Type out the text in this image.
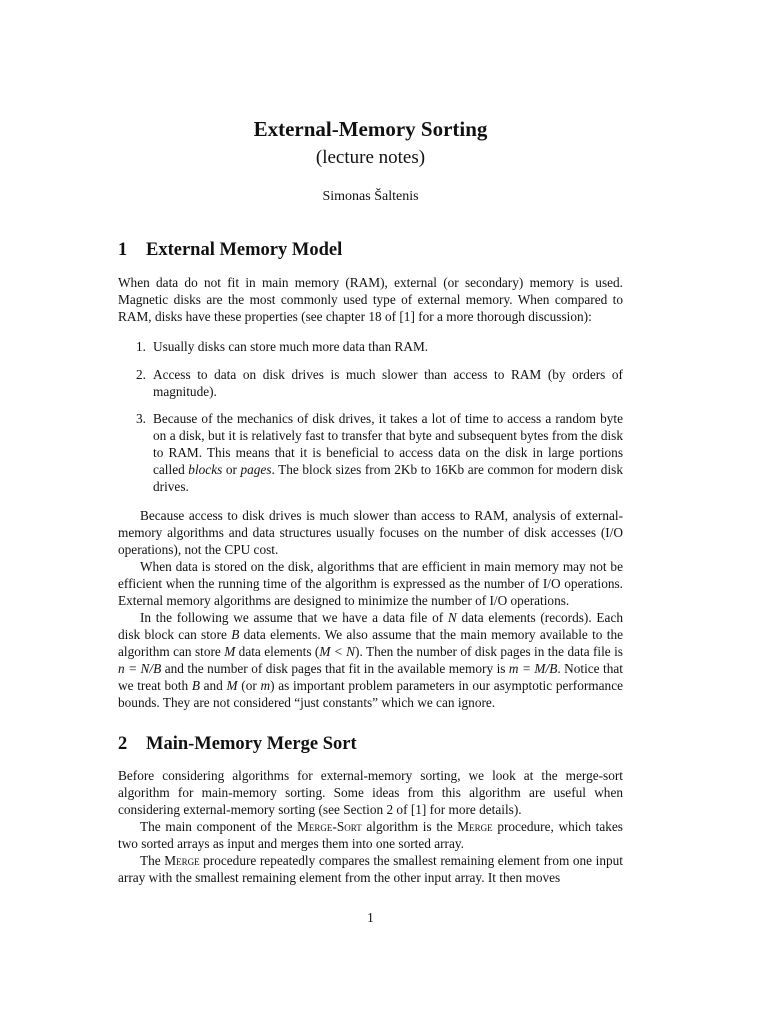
External-Memory Sorting
(lecture notes)
Simonas Šaltenis
1 External Memory Model

When data do not fit in main memory (RAM), external (or secondary) memory is used. Magnetic disks are the most commonly used type of external memory. When compared to RAM, disks have these properties (see chapter 18 of [1] for a more thorough discussion):

1. Usually disks can store much more data than RAM.
2. Access to data on disk drives is much slower than access to RAM (by orders of magnitude).
3. Because of the mechanics of disk drives, it takes a lot of time to access a random byte on a disk, but it is relatively fast to transfer that byte and subsequent bytes from the disk to RAM. This means that it is beneficial to access data on the disk in large portions called blocks or pages. The block sizes from 2Kb to 16Kb are common for modern disk drives.

Because access to disk drives is much slower than access to RAM, analysis of external-memory algorithms and data structures usually focuses on the number of disk accesses (I/O operations), not the CPU cost.

When data is stored on the disk, algorithms that are efficient in main memory may not be efficient when the running time of the algorithm is expressed as the number of I/O operations. External memory algorithms are designed to minimize the number of I/O operations.

In the following we assume that we have a data file of N data elements (records). Each disk block can store B data elements. We also assume that the main memory available to the algorithm can store M data elements (M < N). Then the number of disk pages in the data file is n = N/B and the number of disk pages that fit in the available memory is m = M/B. Notice that we treat both B and M (or m) as important problem parameters in our asymptotic performance bounds. They are not considered “just constants” which we can ignore.

2 Main-Memory Merge Sort

Before considering algorithms for external-memory sorting, we look at the merge-sort algorithm for main-memory sorting. Some ideas from this algorithm are useful when considering external-memory sorting (see Section 2 of [1] for more details).

The main component of the Merge-Sort algorithm is the Merge procedure, which takes two sorted arrays as input and merges them into one sorted array.

The Merge procedure repeatedly compares the smallest remaining element from one input array with the smallest remaining element from the other input array. It then moves

1
